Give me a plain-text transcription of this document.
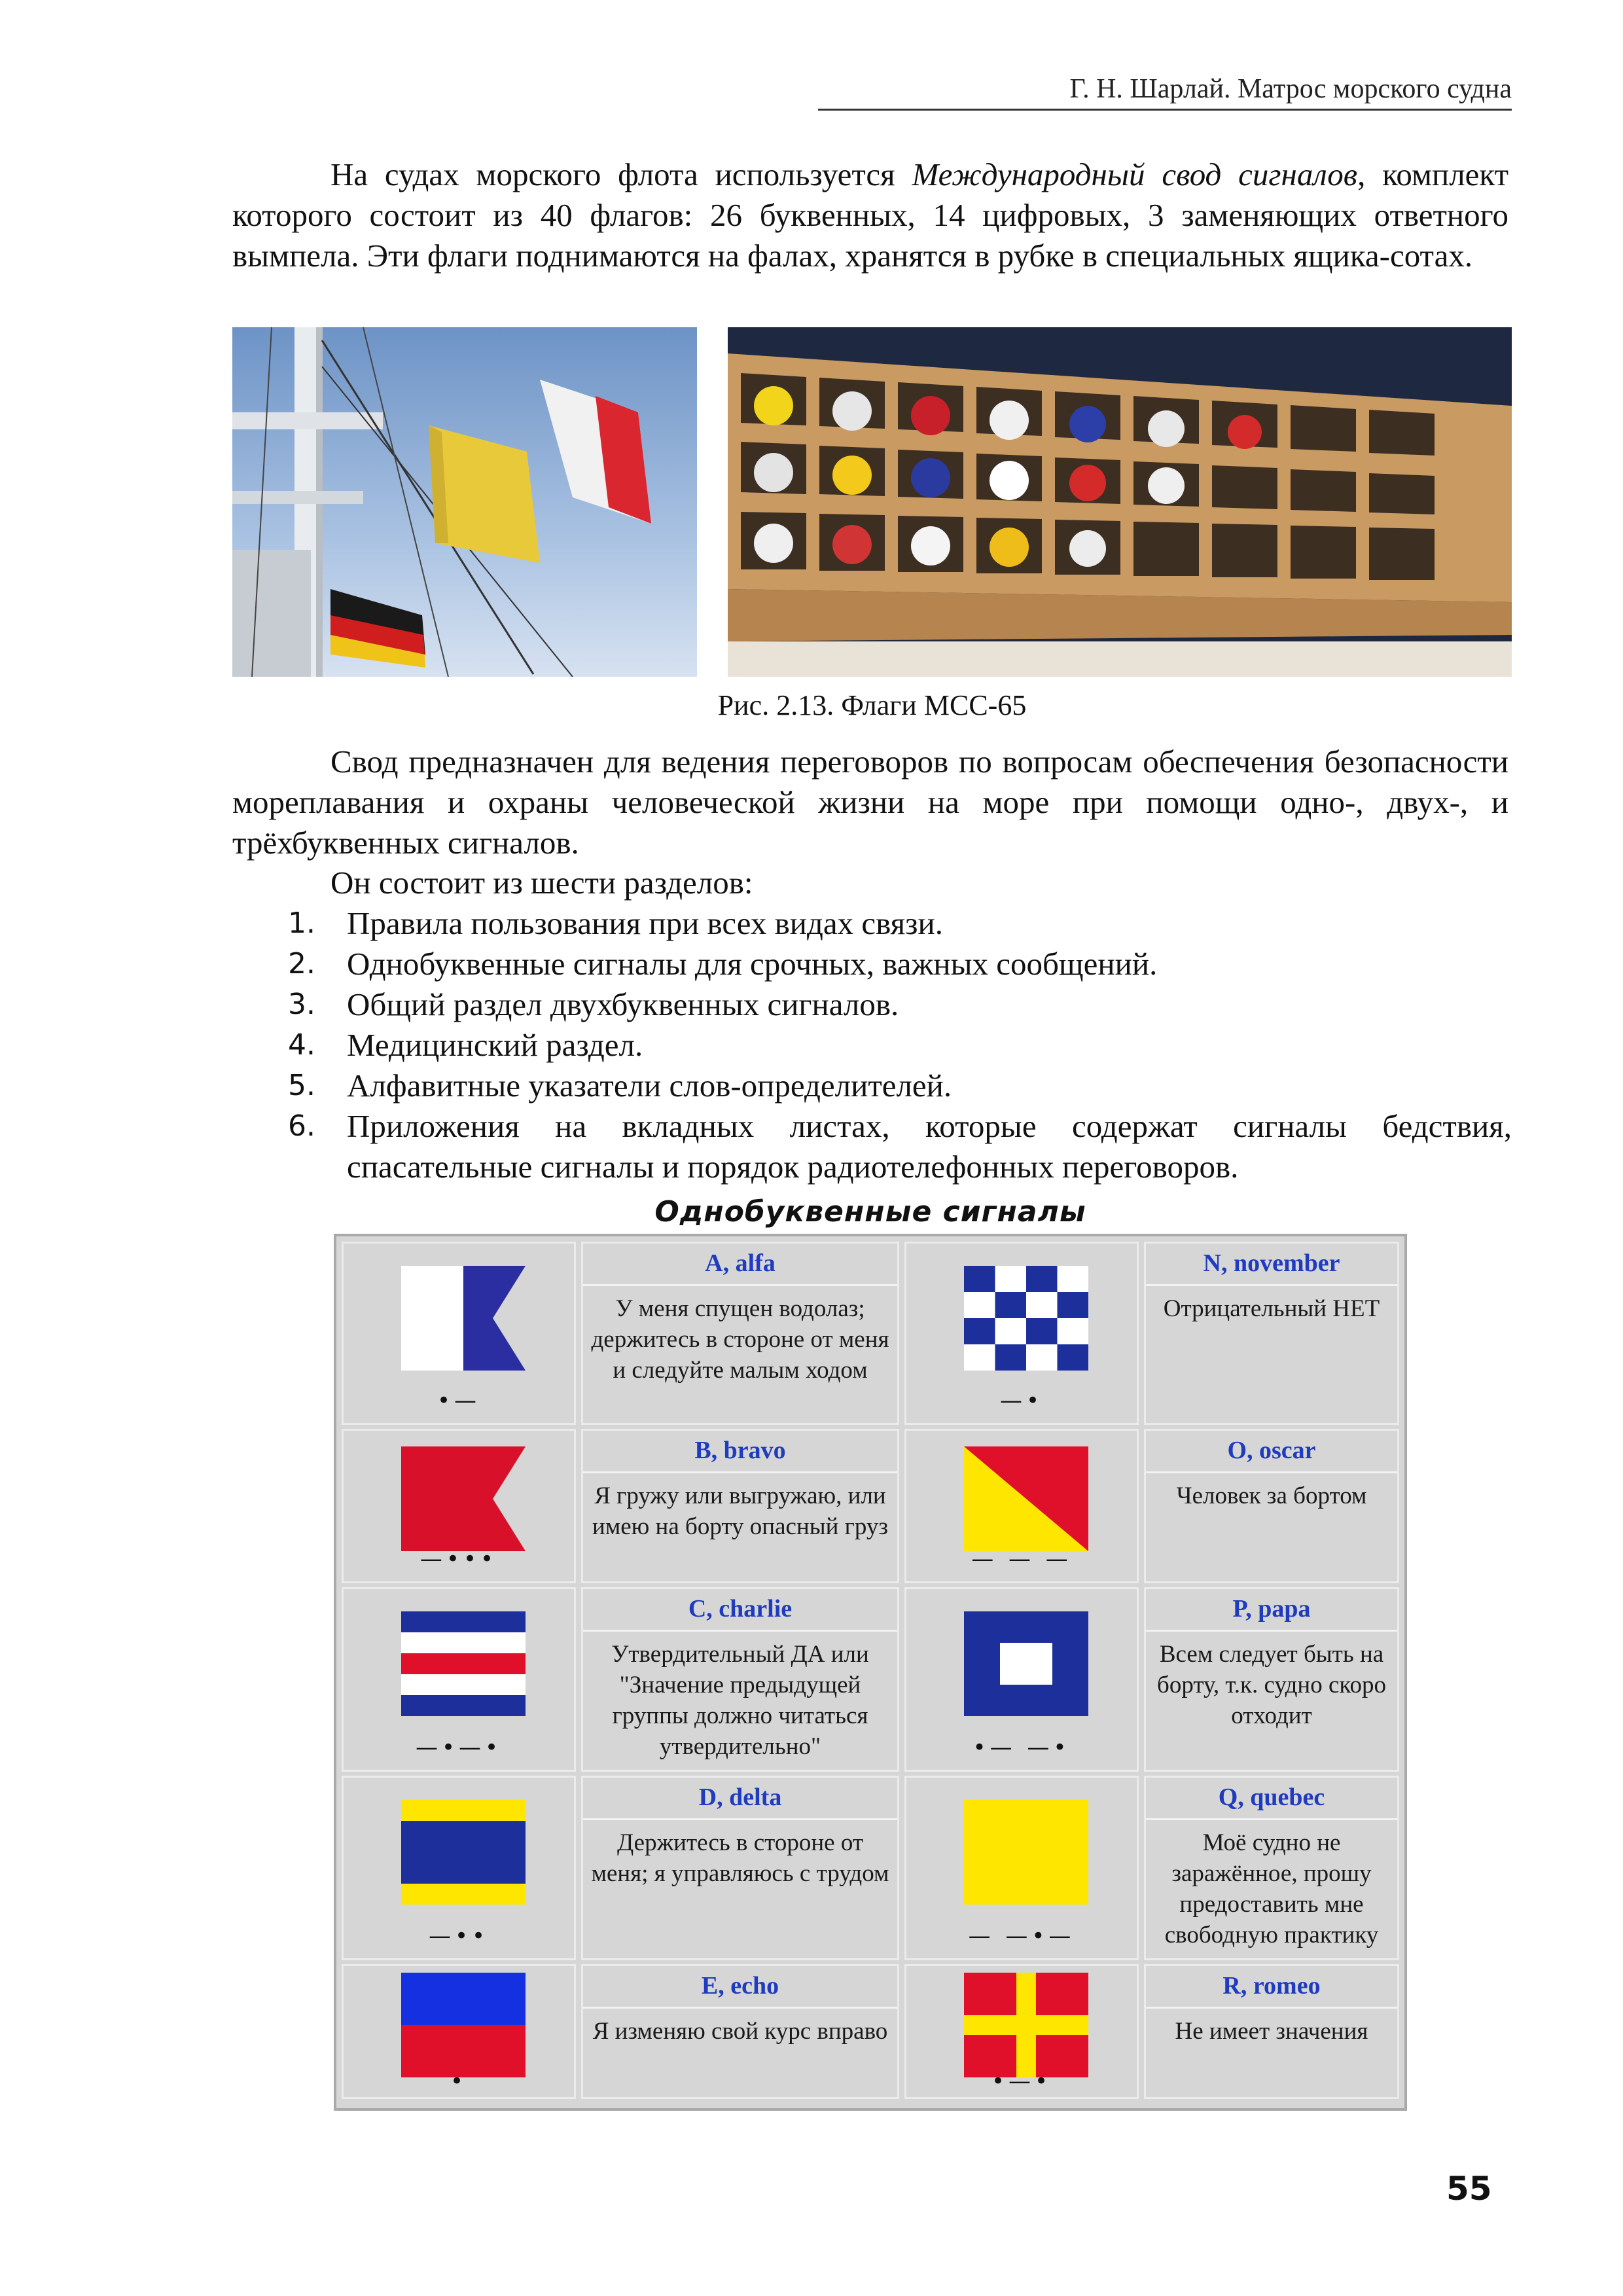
Г. Н. Шарлай. Матрос морского судна

На судах морского флота используется Международный свод сигналов, комплект которого состоит из 40 флагов: 26 буквенных, 14 цифровых, 3 заменяющих ответного вымпела. Эти флаги поднимаются на фалах, хранятся в рубке в специальных ящика-сотах.

Рис. 2.13. Флаги МСС-65

Свод предназначен для ведения переговоров по вопросам обеспечения безопасности мореплавания и охраны человеческой жизни на море при помощи одно-, двух-, и трёхбуквенных сигналов.

Он состоит из шести разделов:

1. Правила пользования при всех видах связи.
2. Однобуквенные сигналы для срочных, важных сообщений.
3. Общий раздел двухбуквенных сигналов.
4. Медицинский раздел.
5. Алфавитные указатели слов-определителей.
6. Приложения на вкладных листах, которые содержат сигналы бедствия, спасательные сигналы и порядок радиотелефонных переговоров.
Однобуквенные сигналы
•—
A, alfa
У меня спущен водолаз; держитесь в стороне от меня и следуйте малым ходом
—•
N, november
Отрицательный НЕТ
—•••
B, bravo
Я гружу или выгружаю, или имею на борту опасный груз
— — —
O, oscar
Человек за бортом
—•—•
C, charlie
Утвердительный ДА или "Значение предыдущей группы должно читаться утвердительно"	•— —•
P, papa
Всем следует быть на борту, т.к. судно скоро отходит
—••
D, delta
Держитесь в стороне от меня; я управляюсь с трудом
— —•—
Q, quebec
Моё судно не заражённое, прошу предоставить мне свободную практику
•
E, echo
Я изменяю свой курс вправо
•—•
R, romeo
Не имеет значения
55
